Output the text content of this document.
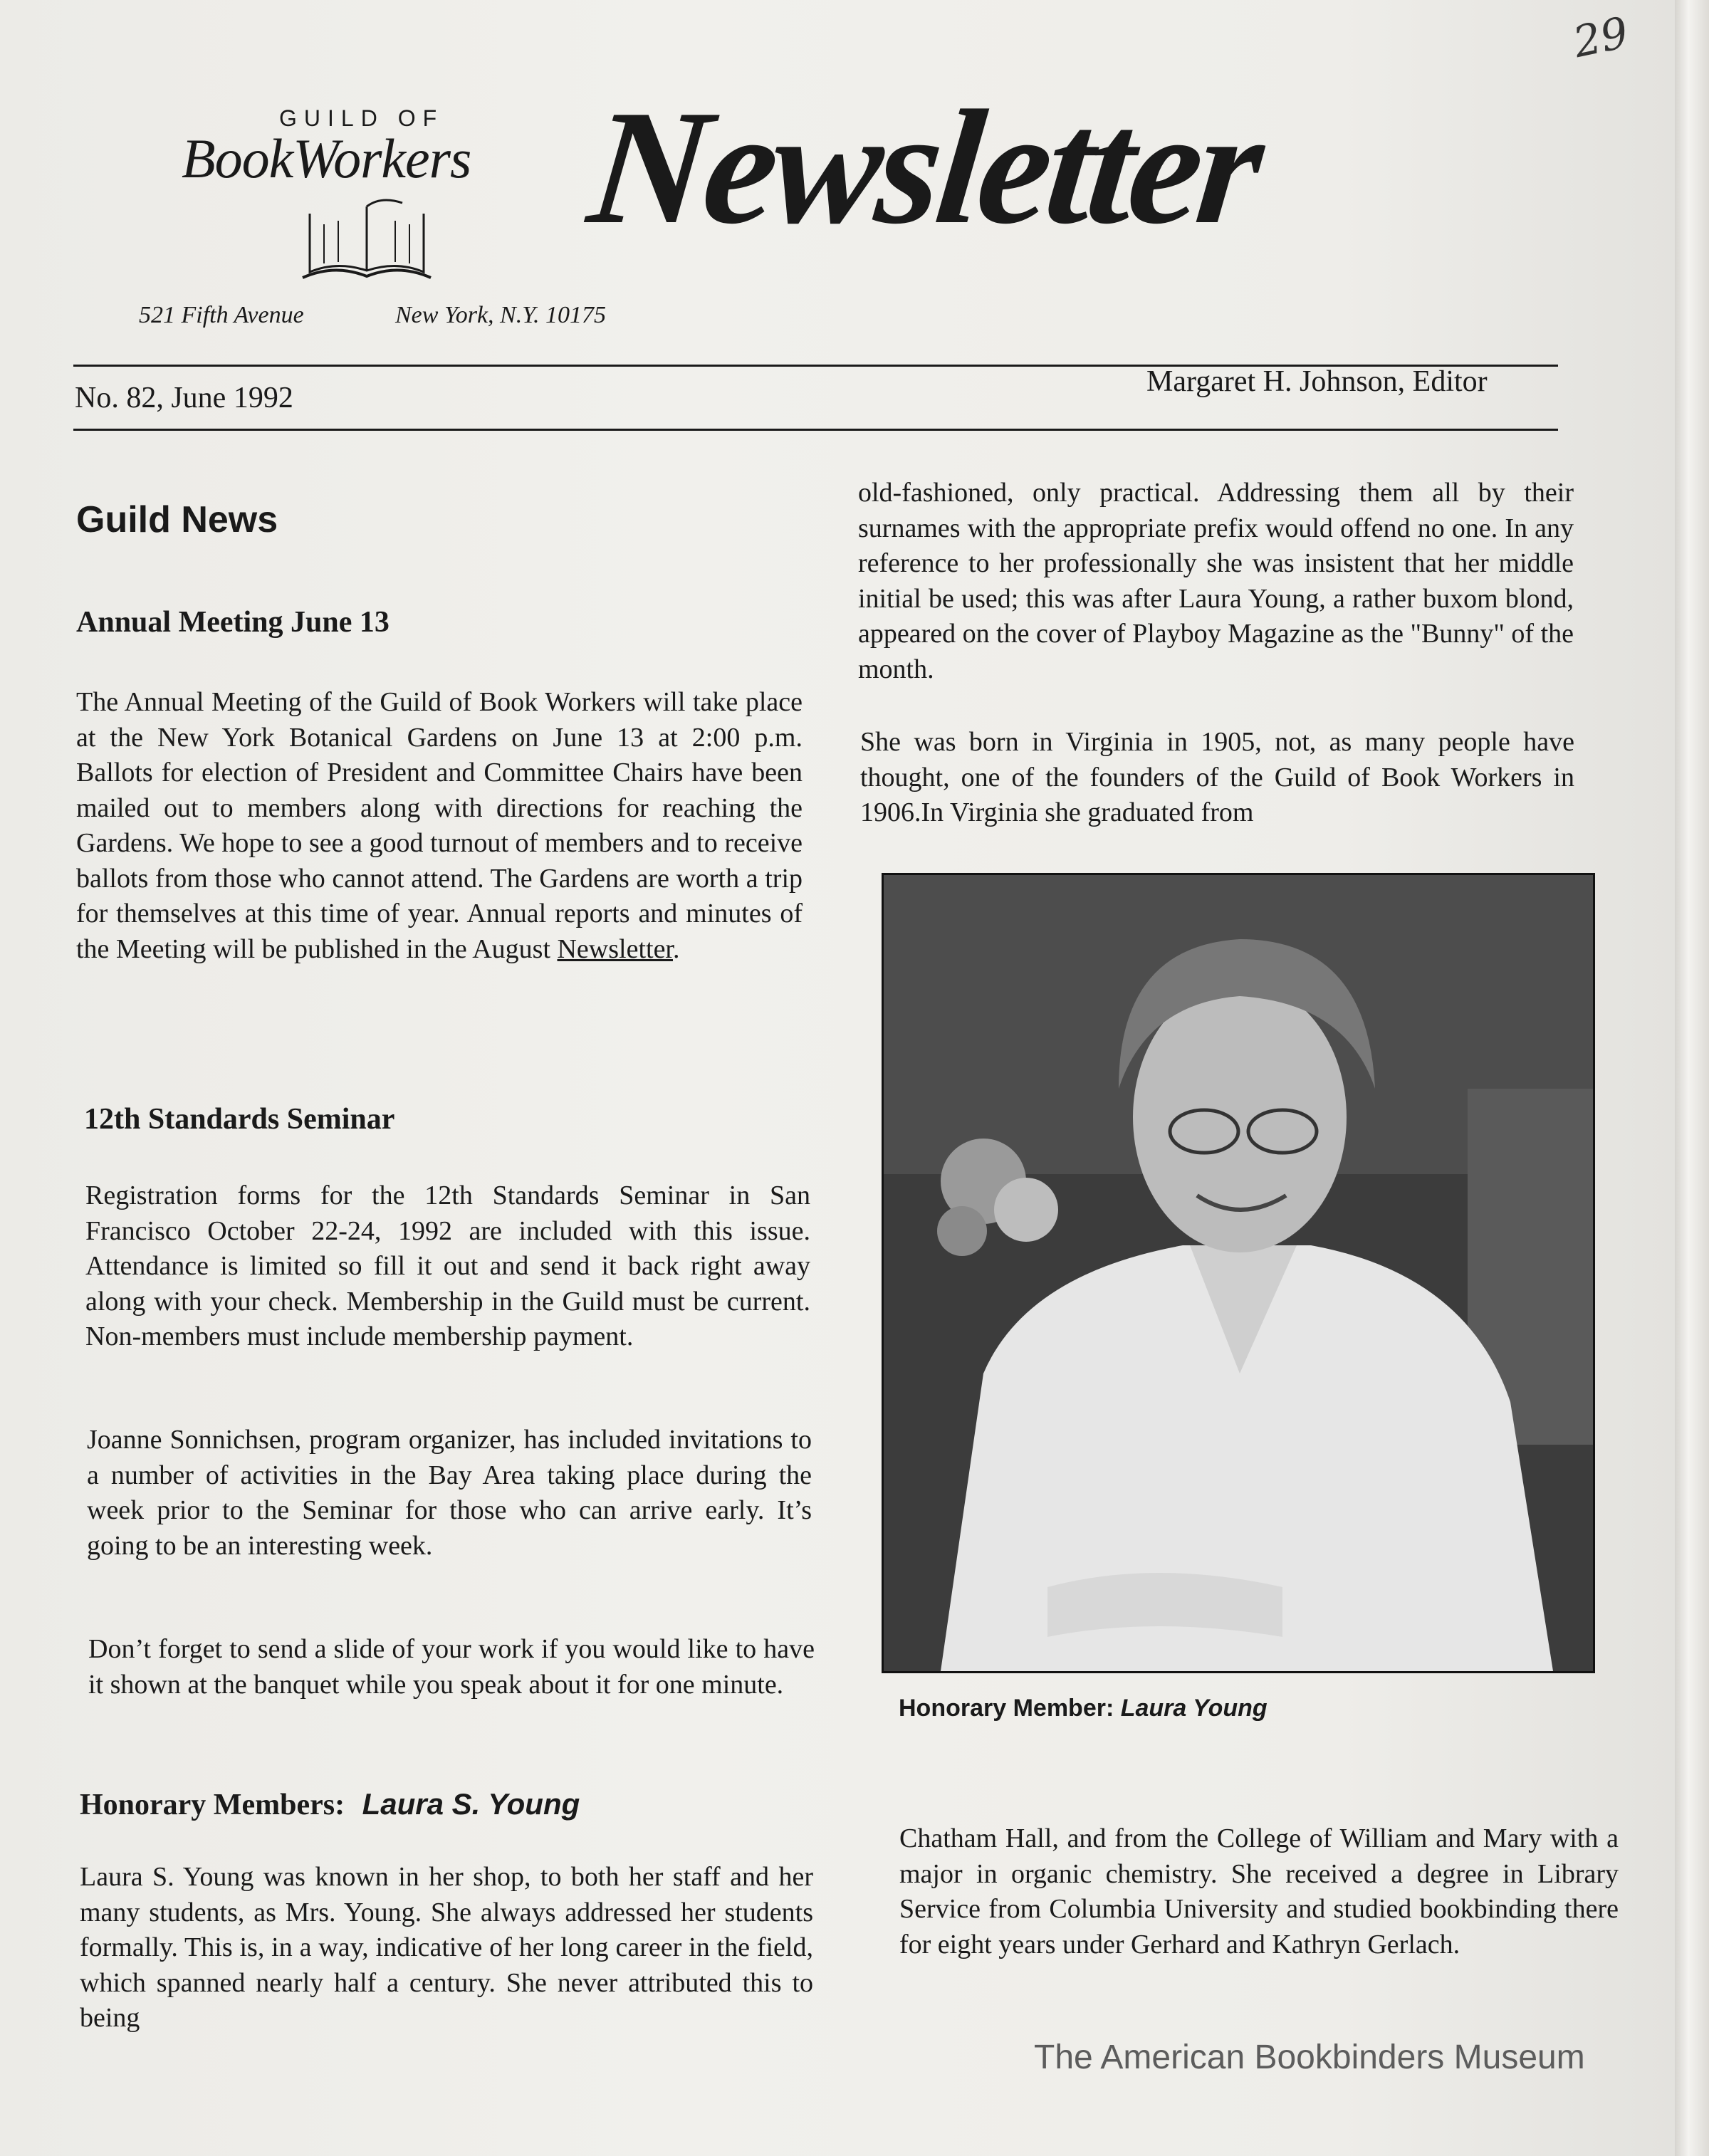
29
GUILD OF
BookWorkers
521 Fifth Avenue	New York, N.Y. 10175
Newsletter
No. 82, June 1992	Margaret H. Johnson, Editor
Guild News
Annual Meeting June 13

The Annual Meeting of the Guild of Book Workers will take place at the New York Botanical Gardens on June 13 at 2:00 p.m. Ballots for election of President and Committee Chairs have been mailed out to members along with directions for reaching the Gardens. We hope to see a good turnout of members and to receive ballots from those who cannot attend. The Gardens are worth a trip for themselves at this time of year. Annual reports and minutes of the Meeting will be published in the August Newsletter.

12th Standards Seminar

Registration forms for the 12th Standards Seminar in San Francisco October 22-24, 1992 are included with this issue. Attendance is limited so fill it out and send it back right away along with your check. Membership in the Guild must be current. Non-members must include membership payment.

Joanne Sonnichsen, program organizer, has included invitations to a number of activities in the Bay Area taking place during the week prior to the Seminar for those who can arrive early. It’s going to be an interesting week.

Don’t forget to send a slide of your work if you would like to have it shown at the banquet while you speak about it for one minute.

Honorary Members: Laura S. Young

Laura S. Young was known in her shop, to both her staff and her many students, as Mrs. Young. She always addressed her students formally. This is, in a way, indicative of her long career in the field, which spanned nearly half a century. She never attributed this to being

old-fashioned, only practical. Addressing them all by their surnames with the appropriate prefix would offend no one. In any reference to her professionally she was insistent that her middle initial be used; this was after Laura Young, a rather buxom blond, appeared on the cover of Playboy Magazine as the "Bunny" of the month.

She was born in Virginia in 1905, not, as many people have thought, one of the founders of the Guild of Book Workers in 1906.In Virginia she graduated from

Honorary Member: Laura Young

Chatham Hall, and from the College of William and Mary with a major in organic chemistry. She received a degree in Library Service from Columbia University and studied bookbinding there for eight years under Gerhard and Kathryn Gerlach.

The American Bookbinders Museum
